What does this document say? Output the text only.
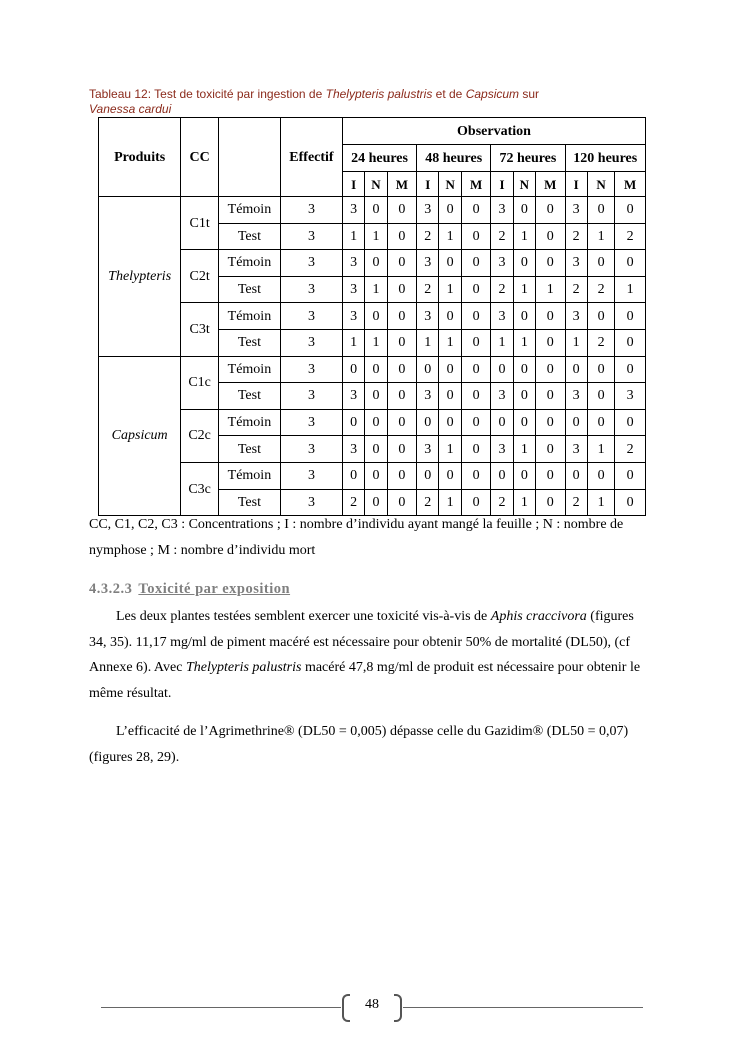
Tableau 12: Test de toxicité par ingestion de Thelypteris palustris et de Capsicum sur
Vanessa cardui
Produits	CC		Effectif	Observation											
				24 heures			48 heures			72 heures			120 heures		
				I	N	M	I	N	M	I	N	M	I	N	M
Thelypteris	C1t	Témoin	3	3	0	0	3	0	0	3	0	0	3	0	0
		Test	3	1	1	0	2	1	0	2	1	0	2	1	2
	C2t	Témoin	3	3	0	0	3	0	0	3	0	0	3	0	0
		Test	3	3	1	0	2	1	0	2	1	1	2	2	1
	C3t	Témoin	3	3	0	0	3	0	0	3	0	0	3	0	0
		Test	3	1	1	0	1	1	0	1	1	0	1	2	0
Capsicum	C1c	Témoin	3	0	0	0	0	0	0	0	0	0	0	0	0
		Test	3	3	0	0	3	0	0	3	0	0	3	0	3
	C2c	Témoin	3	0	0	0	0	0	0	0	0	0	0	0	0
		Test	3	3	0	0	3	1	0	3	1	0	3	1	2
	C3c	Témoin	3	0	0	0	0	0	0	0	0	0	0	0	0
		Test	3	2	0	0	2	1	0	2	1	0	2	1	0
CC, C1, C2, C3 : Concentrations ; I : nombre d’individu ayant mangé la feuille ; N : nombre de nymphose ; M : nombre d’individu mort
4.3.2.3 Toxicité par exposition
Les deux plantes testées semblent exercer une toxicité vis-à-vis de Aphis craccivora (figures 34, 35). 11,17 mg/ml de piment macéré est nécessaire pour obtenir 50% de mortalité (DL50), (cf Annexe 6). Avec Thelypteris palustris macéré 47,8 mg/ml de produit est nécessaire pour obtenir le même résultat.
L’efficacité de l’Agrimethrine® (DL50 = 0,005) dépasse celle du Gazidim® (DL50 = 0,07) (figures 28, 29).
48
